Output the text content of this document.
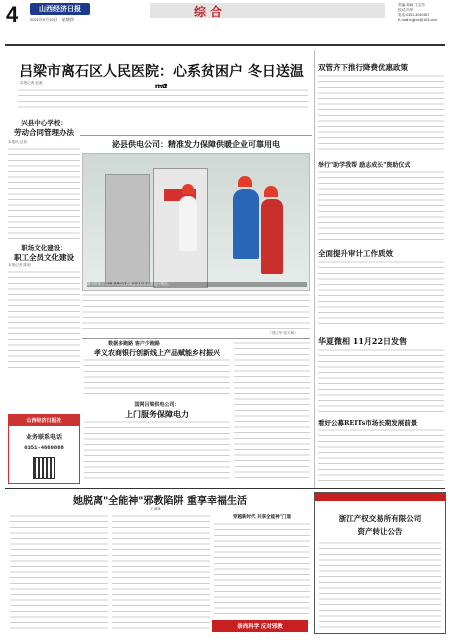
4	山西经济日报
2021年9月19日 星期四
综合	责编:高崎 王志芳
校对:冯华
电话:0351-4040387
E-mail:sxjjrb4@163.com
吕梁市离石区人民医院：心系贫困户 冬日送温
本报记者 赵康
兴县中心学校：
劳动合同管理办法
本报讯 记者
职场文化建设：
职工全员文化建设
本报记者 陈明
泌县供电公司：精准发力保障供暖企业可靠用电
图为供电公司工作人员在供暖企业检查设备运行情况。
（刘江华 张天林）
数据多跑路 客户少跑路
孝义农商银行创新线上产品赋能乡村振兴
国网吕梁供电公司：
上门服务保障电力
山西经济日报社
业务联系电话
0351-4660888
双管齐下推行降费优惠政策
举行"助学我帮 励志成长"资助仪式
全面提升审计工作质效
华夏微相 11月22日发售
看好公募REITs市场长期发展前景
她脱离"全能神"邪教陷阱 重享幸福生活
王海林
穿越新时代 共享全能神"门道
崇尚科学 反对邪教
浙江产权交易所有限公司
资产转让公告
